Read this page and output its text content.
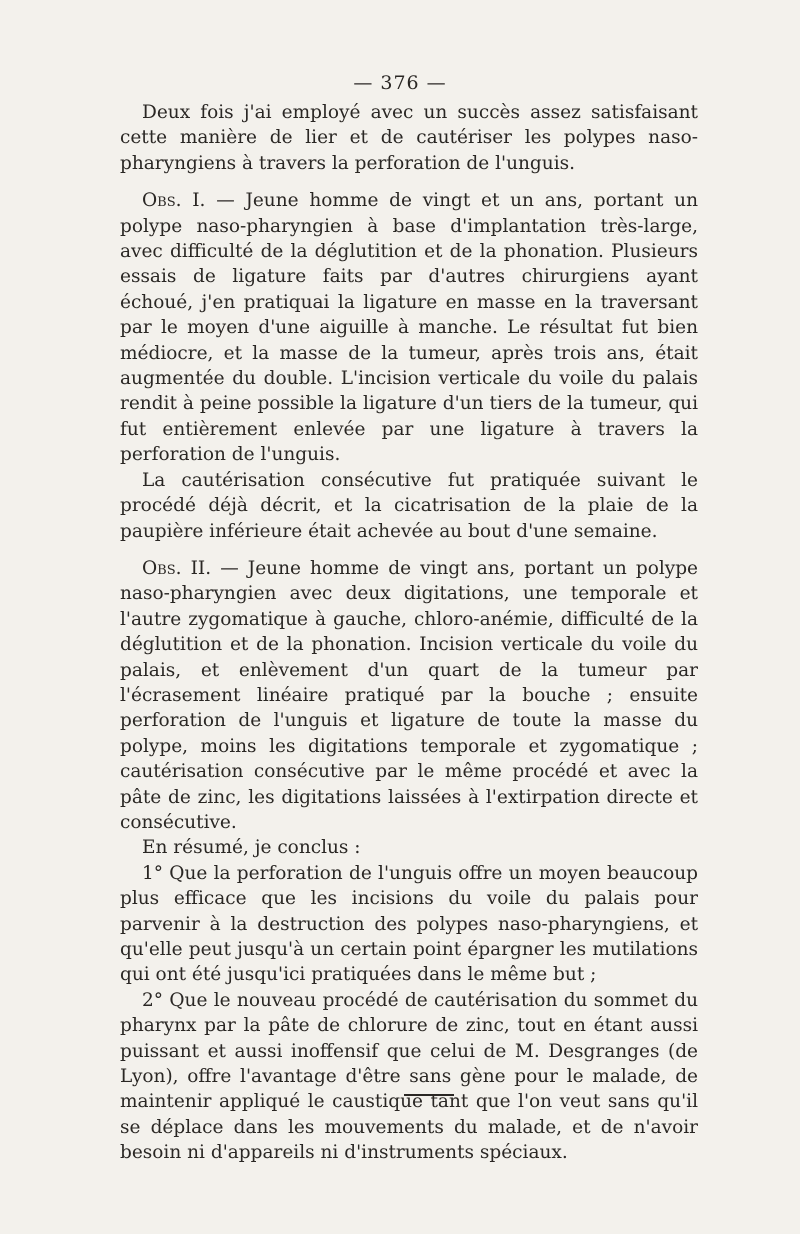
— 376 —

Deux fois j'ai employé avec un succès assez satisfaisant cette manière de lier et de cautériser les polypes naso-pharyngiens à travers la perforation de l'unguis.

Obs. I. — Jeune homme de vingt et un ans, portant un polype naso-pharyngien à base d'implantation très-large, avec difficulté de la déglutition et de la phonation. Plusieurs essais de ligature faits par d'autres chirurgiens ayant échoué, j'en pratiquai la ligature en masse en la traversant par le moyen d'une aiguille à manche. Le résultat fut bien médiocre, et la masse de la tumeur, après trois ans, était augmentée du double. L'incision verticale du voile du palais rendit à peine possible la ligature d'un tiers de la tumeur, qui fut entièrement enlevée par une ligature à travers la perforation de l'unguis.

La cautérisation consécutive fut pratiquée suivant le procédé déjà décrit, et la cicatrisation de la plaie de la paupière inférieure était achevée au bout d'une semaine.

Obs. II. — Jeune homme de vingt ans, portant un polype naso-pharyngien avec deux digitations, une temporale et l'autre zygomatique à gauche, chloro-anémie, difficulté de la déglutition et de la phonation. Incision verticale du voile du palais, et enlèvement d'un quart de la tumeur par l'écrasement linéaire pratiqué par la bouche ; ensuite perforation de l'unguis et ligature de toute la masse du polype, moins les digitations temporale et zygomatique ; cautérisation consécutive par le même procédé et avec la pâte de zinc, les digitations laissées à l'extirpation directe et consécutive.

En résumé, je conclus :

1° Que la perforation de l'unguis offre un moyen beaucoup plus efficace que les incisions du voile du palais pour parvenir à la destruction des polypes naso-pharyngiens, et qu'elle peut jusqu'à un certain point épargner les mutilations qui ont été jusqu'ici pratiquées dans le même but ;

2° Que le nouveau procédé de cautérisation du sommet du pharynx par la pâte de chlorure de zinc, tout en étant aussi puissant et aussi inoffensif que celui de M. Desgranges (de Lyon), offre l'avantage d'être sans gène pour le malade, de maintenir appliqué le caustique tant que l'on veut sans qu'il se déplace dans les mouvements du malade, et de n'avoir besoin ni d'appareils ni d'instruments spéciaux.
